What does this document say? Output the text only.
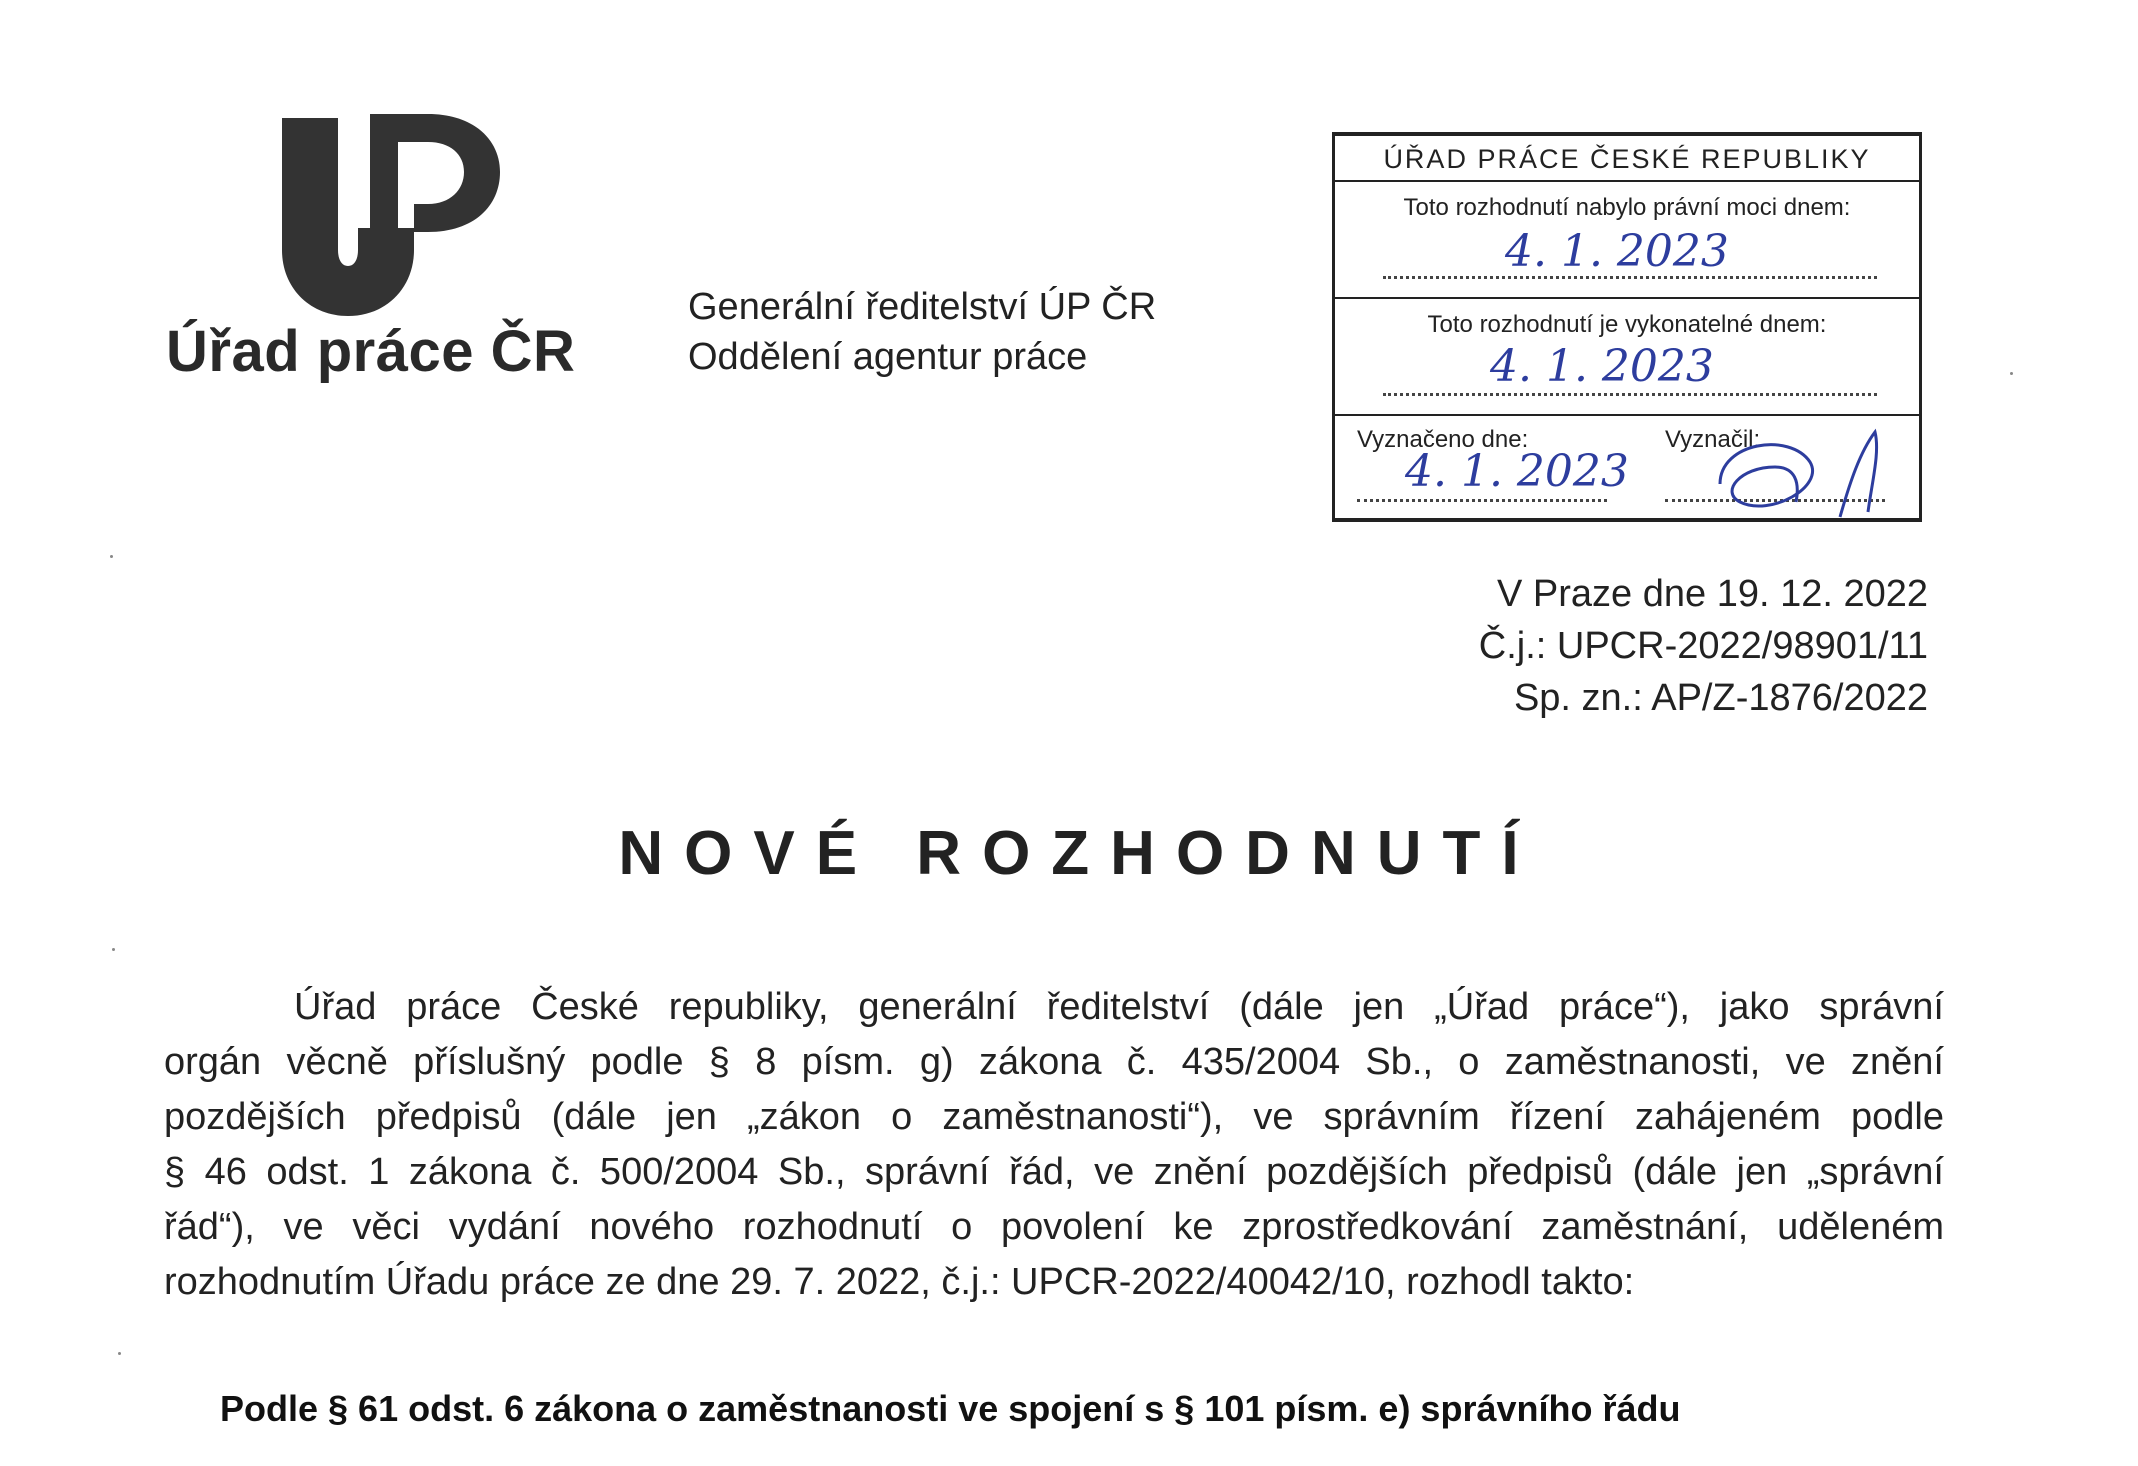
Úřad práce ČR
Generální ředitelství ÚP ČR
Oddělení agentur práce
ÚŘAD PRÁCE ČESKÉ REPUBLIKY
Toto rozhodnutí nabylo právní moci dnem:
4. 1. 2023
Toto rozhodnutí je vykonatelné dnem:
4. 1. 2023
Vyznačeno dne:	Vyznačil:
4. 1. 2023
V Praze dne 19. 12. 2022
Č.j.: UPCR-2022/98901/11
Sp. zn.: AP/Z-1876/2022
NOVÉ ROZHODNUTÍ
Úřad práce České republiky, generální ředitelství (dále jen „Úřad práce“), jako správní
orgán věcně příslušný podle § 8 písm. g) zákona č. 435/2004 Sb., o zaměstnanosti, ve znění
pozdějších předpisů (dále jen „zákon o zaměstnanosti“), ve správním řízení zahájeném podle
§ 46 odst. 1 zákona č. 500/2004 Sb., správní řád, ve znění pozdějších předpisů (dále jen „správní
řád“), ve věci vydání nového rozhodnutí o povolení ke zprostředkování zaměstnání, uděleném
rozhodnutím Úřadu práce ze dne 29. 7. 2022, č.j.: UPCR-2022/40042/10, rozhodl takto:
Podle § 61 odst. 6 zákona o zaměstnanosti ve spojení s § 101 písm. e) správního řádu
